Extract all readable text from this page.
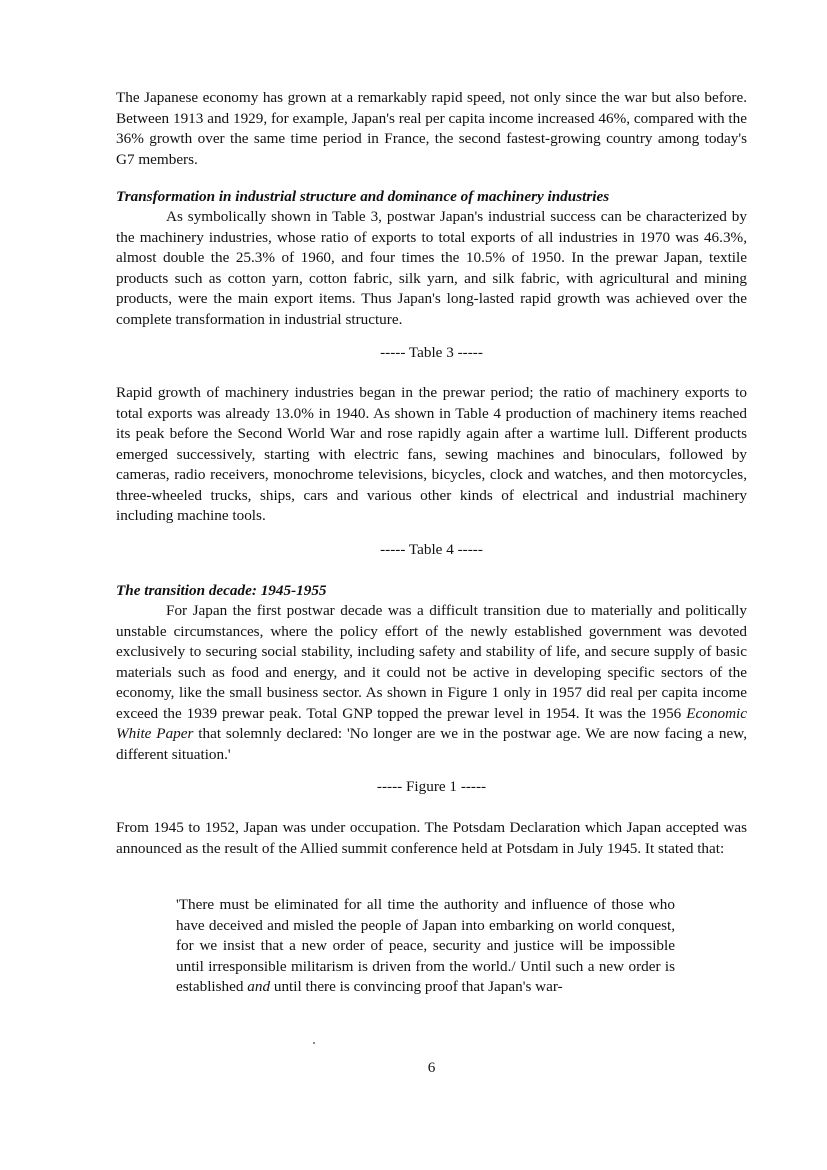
The Japanese economy has grown at a remarkably rapid speed, not only since the war but also before. Between 1913 and 1929, for example, Japan's real per capita income increased 46%, compared with the 36% growth over the same time period in France, the second fastest-growing country among today's G7 members.

Transformation in industrial structure and dominance of machinery industries

As symbolically shown in Table 3, postwar Japan's industrial success can be characterized by the machinery industries, whose ratio of exports to total exports of all industries in 1970 was 46.3%, almost double the 25.3% of 1960, and four times the 10.5% of 1950. In the prewar Japan, textile products such as cotton yarn, cotton fabric, silk yarn, and silk fabric, with agricultural and mining products, were the main export items. Thus Japan's long-lasted rapid growth was achieved over the complete transformation in industrial structure.

----- Table 3 -----

Rapid growth of machinery industries began in the prewar period; the ratio of machinery exports to total exports was already 13.0% in 1940. As shown in Table 4 production of machinery items reached its peak before the Second World War and rose rapidly again after a wartime lull. Different products emerged successively, starting with electric fans, sewing machines and binoculars, followed by cameras, radio receivers, monochrome televisions, bicycles, clock and watches, and then motorcycles, three-wheeled trucks, ships, cars and various other kinds of electrical and industrial machinery including machine tools.

----- Table 4 -----

The transition decade: 1945-1955

For Japan the first postwar decade was a difficult transition due to materially and politically unstable circumstances, where the policy effort of the newly established government was devoted exclusively to securing social stability, including safety and stability of life, and secure supply of basic materials such as food and energy, and it could not be active in developing specific sectors of the economy, like the small business sector. As shown in Figure 1 only in 1957 did real per capita income exceed the 1939 prewar peak. Total GNP topped the prewar level in 1954. It was the 1956 Economic White Paper that solemnly declared: 'No longer are we in the postwar age. We are now facing a new, different situation.'

----- Figure 1 -----

From 1945 to 1952, Japan was under occupation. The Potsdam Declaration which Japan accepted was announced as the result of the Allied summit conference held at Potsdam in July 1945. It stated that:

'There must be eliminated for all time the authority and influence of those who have deceived and misled the people of Japan into embarking on world conquest, for we insist that a new order of peace, security and justice will be impossible until irresponsible militarism is driven from the world./ Until such a new order is established and until there is convincing proof that Japan's war-

6
